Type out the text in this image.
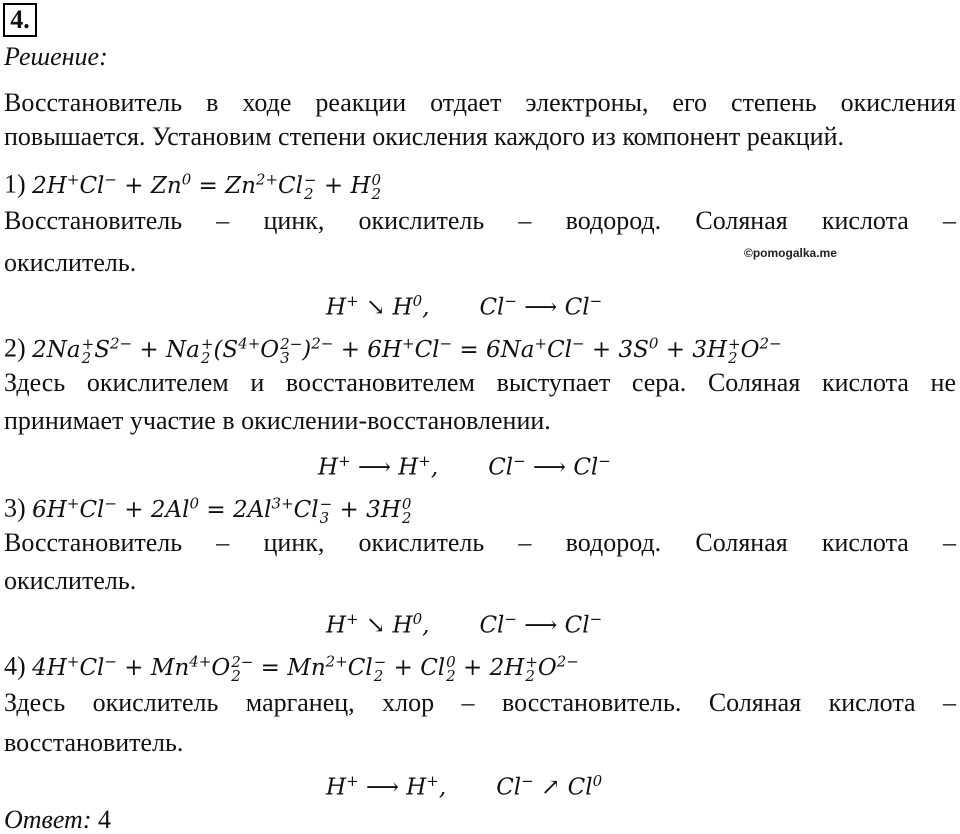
4.
Решение:
Восстановитель в ходе реакции отдает электроны, его степень окисления
повышается. Установим степени окисления каждого из компонент реакций.
1) $2H^+Cl^- + Zn^0 = Zn^{2+}Cl$ −
2 + H 0
2
Восстановитель – цинк, окислитель – водород. Соляная кислота –
окислитель.	©pomogalka.me
H+ ↘ $H^0$, Cl− ⟶ Cl−
2) 2Na +
2 $S^{2-} + Na$ +
2 ($S^{4+}O$ 2−
3 )$^{2-} + 6H^+Cl^- = 6Na^+Cl^- + 3S^0 + 3H$ +
2 $O^{2-}$
Здесь окислителем и восстановителем выступает сера. Соляная кислота не
принимает участие в окислении-восстановлении.
H+ ⟶ H+, Cl− ⟶ Cl−
3) $6H^+Cl^- + 2Al^0 = 2Al^{3+}Cl$ −
3 + 3H 0
2
Восстановитель – цинк, окислитель – водород. Соляная кислота –
окислитель.
H+ ↘ $H^0$, Cl− ⟶ Cl−
4) $4H^+Cl^- + Mn^{4+}O$ 2−
$2 = Mn^{2+}Cl$ −
2 + Cl 0
2 + 2H +
2 $O^{2-}$
Здесь окислитель марганец, хлор – восстановитель. Соляная кислота –
восстановитель.
H+ ⟶ H+, Cl− ↗ Cl$^0$
Ответ: 4
